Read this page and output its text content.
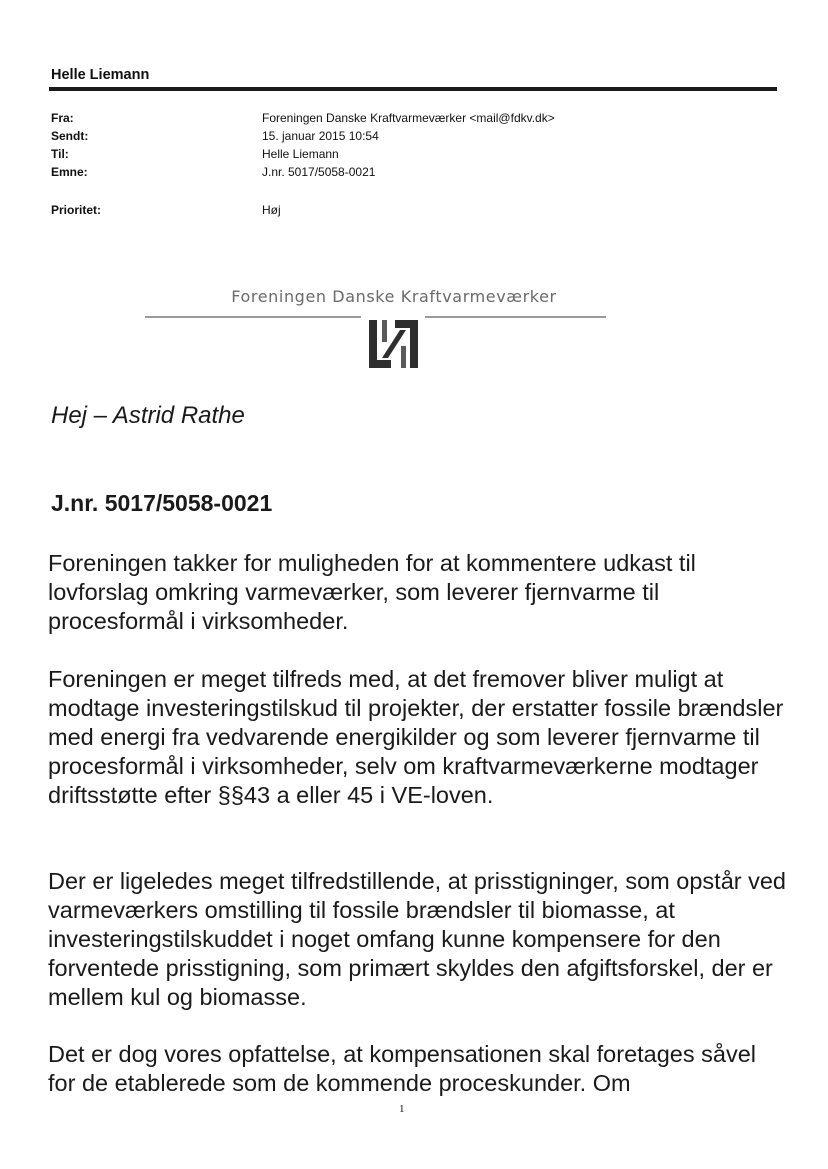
Helle Liemann
Fra:	Foreningen Danske Kraftvarmeværker <mail@fdkv.dk>
Sendt:	15. januar 2015 10:54
Til:	Helle Liemann
Emne:	J.nr. 5017/5058-0021
Prioritet:	Høj
Foreningen Danske Kraftvarmeværker
Hej – Astrid Rathe
J.nr. 5017/5058-0021

Foreningen takker for muligheden for at kommentere udkast til lovforslag omkring varmeværker, som leverer fjernvarme til procesformål i virksomheder.

Foreningen er meget tilfreds med, at det fremover bliver muligt at modtage investeringstilskud til projekter, der erstatter fossile brændsler med energi fra vedvarende energikilder og som leverer fjernvarme til procesformål i virksomheder, selv om kraftvarmeværkerne modtager driftsstøtte efter §§43 a eller 45 i VE-loven.

Der er ligeledes meget tilfredstillende, at prisstigninger, som opstår ved varmeværkers omstilling til fossile brændsler til biomasse, at investeringstilskuddet i noget omfang kunne kompensere for den forventede prisstigning, som primært skyldes den afgiftsforskel, der er mellem kul og biomasse.

Det er dog vores opfattelse, at kompensationen skal foretages såvel for de etablerede som de kommende proceskunder. Om

1
